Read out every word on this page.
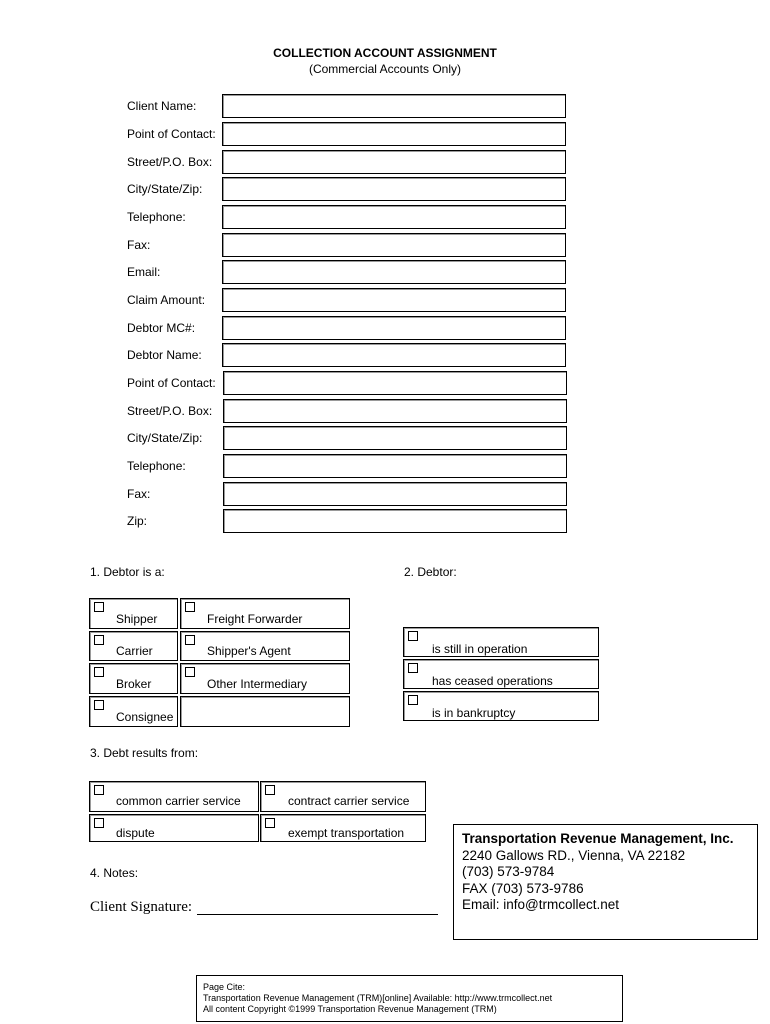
COLLECTION ACCOUNT ASSIGNMENT
(Commercial Accounts Only)
Client Name:
Point of Contact:
Street/P.O. Box:
City/State/Zip:
Telephone:
Fax:
Email:
Claim Amount:
Debtor MC#:
Debtor Name:
Point of Contact:
Street/P.O. Box:
City/State/Zip:
Telephone:
Fax:
Zip:
1. Debtor is a:
Shipper	Freight Forwarder
Carrier	Shipper's Agent
Broker	Other Intermediary
Consignee
2. Debtor:
is still in operation
has ceased operations
is in bankruptcy
3. Debt results from:
common carrier service	contract carrier service
dispute	exempt transportation
4. Notes:
Client Signature:
Transportation Revenue Management, Inc.
2240 Gallows RD., Vienna, VA 22182
(703) 573-9784
FAX (703) 573-9786
Email: info@trmcollect.net
Page Cite:
Transportation Revenue Management (TRM)[online] Available: http://www.trmcollect.net
All content Copyright ©1999 Transportation Revenue Management (TRM)
